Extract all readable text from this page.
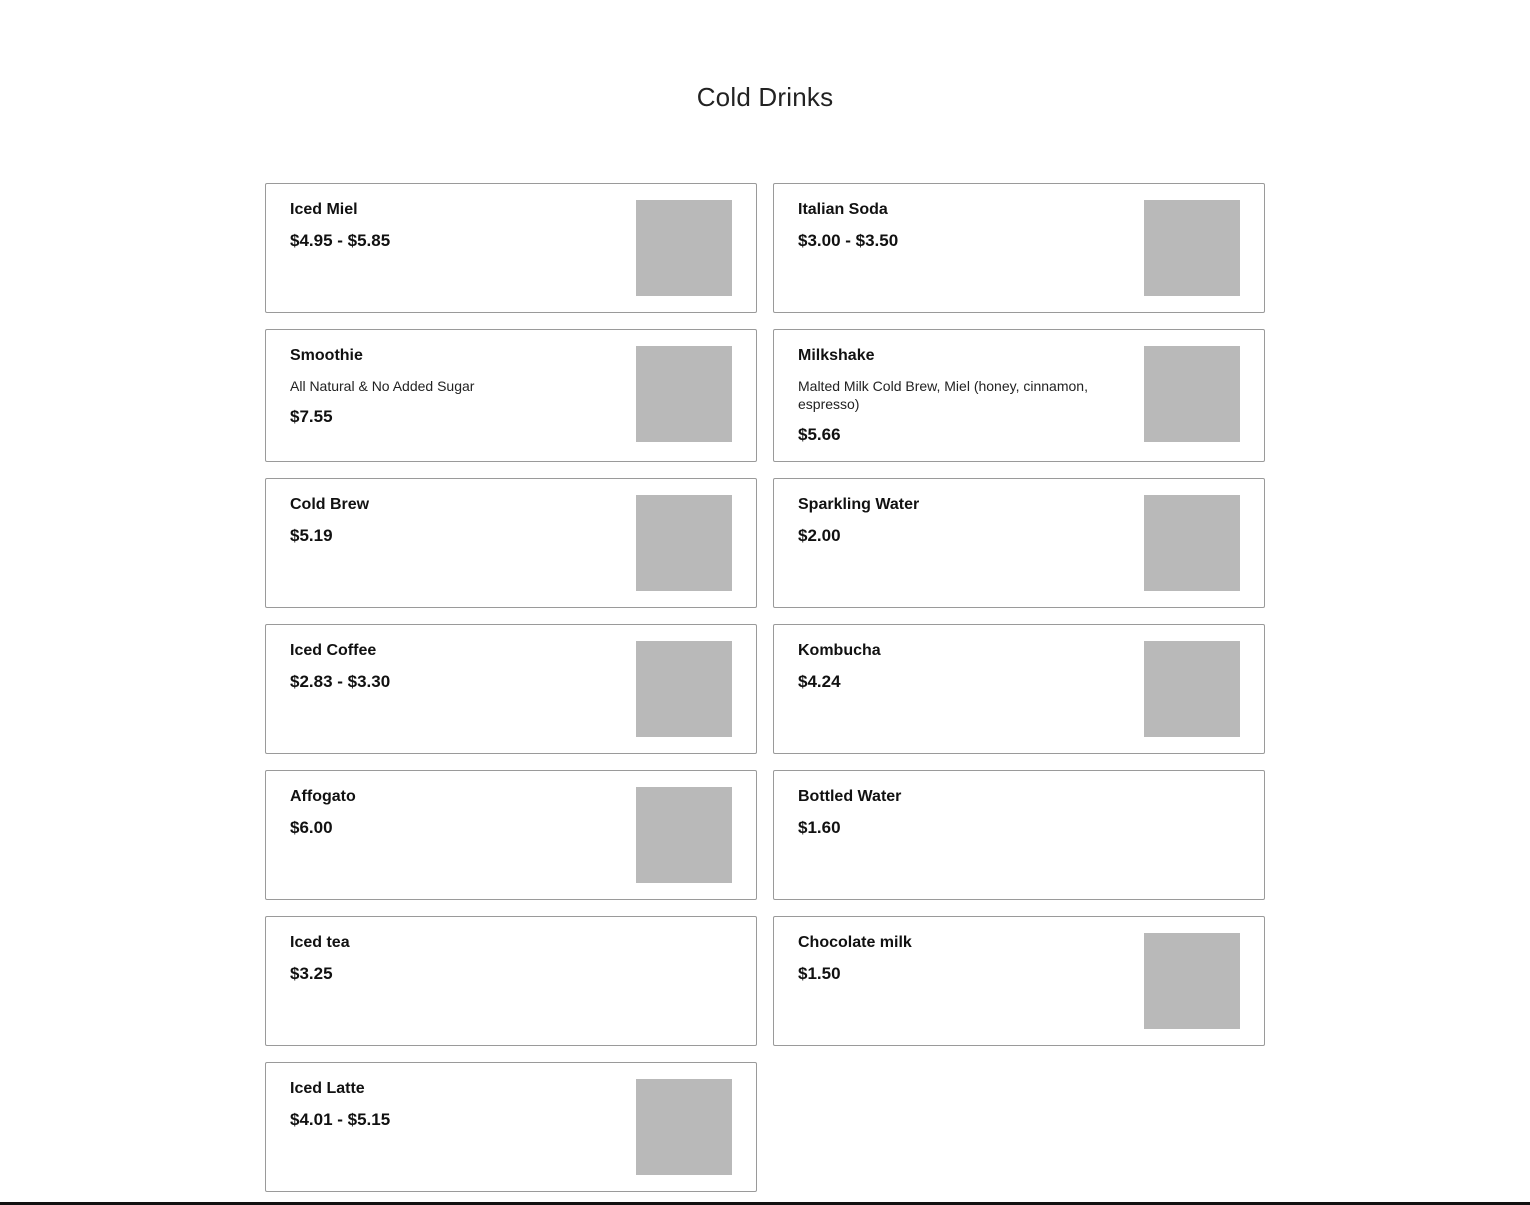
Cold Drinks
Iced Miel
$4.95 - $5.85
Italian Soda
$3.00 - $3.50
Smoothie
All Natural & No Added Sugar
$7.55
Milkshake
Malted Milk Cold Brew, Miel (honey, cinnamon, espresso)
$5.66
Cold Brew
$5.19
Sparkling Water
$2.00
Iced Coffee
$2.83 - $3.30
Kombucha
$4.24
Affogato
$6.00
Bottled Water
$1.60
Iced tea
$3.25
Chocolate milk
$1.50
Iced Latte
$4.01 - $5.15
